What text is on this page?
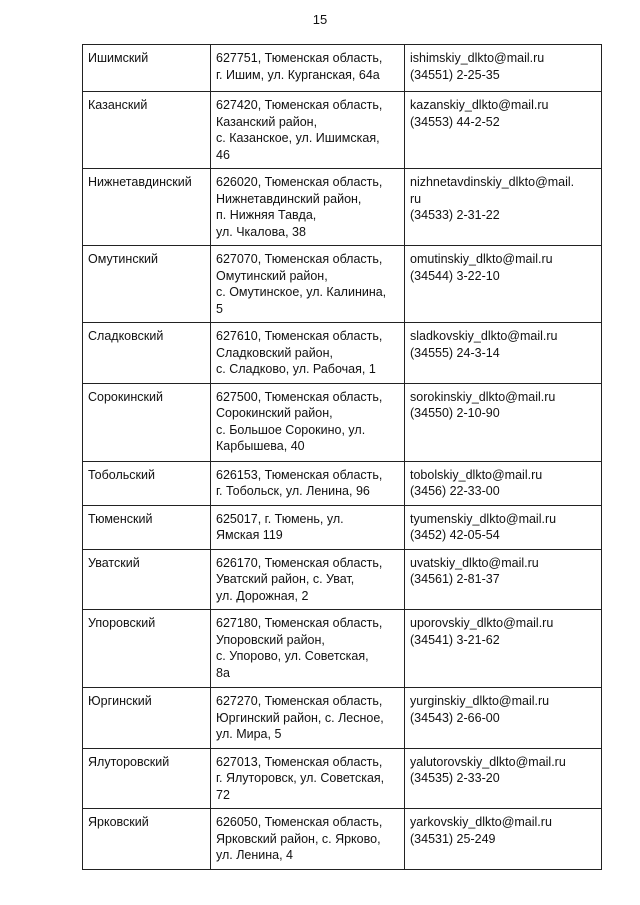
15
Ишимский	627751, Тюменская область,
г. Ишим, ул. Курганская, 64а	ishimskiy_dlkto@mail.ru
(34551) 2-25-35
Казанский	627420, Тюменская область,
Казанский район,
с. Казанское, ул. Ишимская,
46	kazanskiy_dlkto@mail.ru
(34553) 44-2-52
Нижнетавдинский	626020, Тюменская область,
Нижнетавдинский район,
п. Нижняя Тавда,
ул. Чкалова, 38	nizhnetavdinskiy_dlkto@mail.
ru
(34533) 2-31-22
Омутинский	627070, Тюменская область,
Омутинский район,
с. Омутинское, ул. Калинина,
5	omutinskiy_dlkto@mail.ru
(34544) 3-22-10
Сладковский	627610, Тюменская область,
Сладковский район,
с. Сладково, ул. Рабочая, 1	sladkovskiy_dlkto@mail.ru
(34555) 24-3-14
Сорокинский	627500, Тюменская область,
Сорокинский район,
с. Большое Сорокино, ул.
Карбышева, 40	sorokinskiy_dlkto@mail.ru
(34550) 2-10-90
Тобольский	626153, Тюменская область,
г. Тобольск, ул. Ленина, 96	tobolskiy_dlkto@mail.ru
(3456) 22-33-00
Тюменский	625017, г. Тюмень, ул.
Ямская 119	tyumenskiy_dlkto@mail.ru
(3452) 42-05-54
Уватский	626170, Тюменская область,
Уватский район, с. Уват,
ул. Дорожная, 2	uvatskiy_dlkto@mail.ru
(34561) 2-81-37
Упоровский	627180, Тюменская область,
Упоровский район,
с. Упорово, ул. Советская,
8а	uporovskiy_dlkto@mail.ru
(34541) 3-21-62
Юргинский	627270, Тюменская область,
Юргинский район, с. Лесное,
ул. Мира, 5	yurginskiy_dlkto@mail.ru
(34543) 2-66-00
Ялуторовский	627013, Тюменская область,
г. Ялуторовск, ул. Советская,
72	yalutorovskiy_dlkto@mail.ru
(34535) 2-33-20
Ярковский	626050, Тюменская область,
Ярковский район, с. Ярково,
ул. Ленина, 4	yarkovskiy_dlkto@mail.ru
(34531) 25-249
